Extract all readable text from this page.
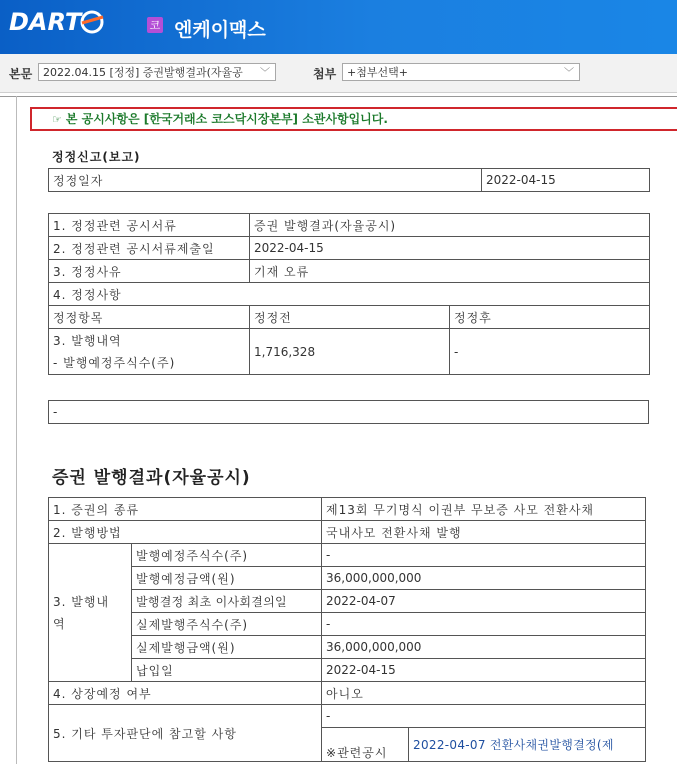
DART	코 엔케이맥스
본문 2022.04.15 [정정] 증권발행결과(자율공 ﹀	첨부 +첨부선택+	﹀
☞ 본 공시사항은 [한국거래소 코스닥시장본부] 소관사항입니다.
정정신고(보고)
정정일자	2022-04-15
1. 정정관련 공시서류	증권 발행결과(자율공시)	
2. 정정관련 공시서류제출일	2022-04-15	
3. 정정사유	기재 오류	
4. 정정사항		
정정항목	정정전	정정후

3. 발행내역
- 발행예정주식수(주)	1,716,328	-
-
증권 발행결과(자율공시)
1. 증권의 종류		제13회 무기명식 이권부 무보증 사모 전환사채	
2. 발행방법		국내사모 전환사채 발행	

3. 발행내
역	발행예정주식수(주)	-	
	발행예정금액(원)	36,000,000,000	
	발행결정 최초 이사회결의일	2022-04-07	
	실제발행주식수(주)	-	
	실제발행금액(원)	36,000,000,000	
	납입일	2022-04-15	
4. 상장예정 여부		아니오	
5. 기타 투자판단에 참고할 사항		-	
		※관련공시	2022-04-07 전환사채권발행결정(제
